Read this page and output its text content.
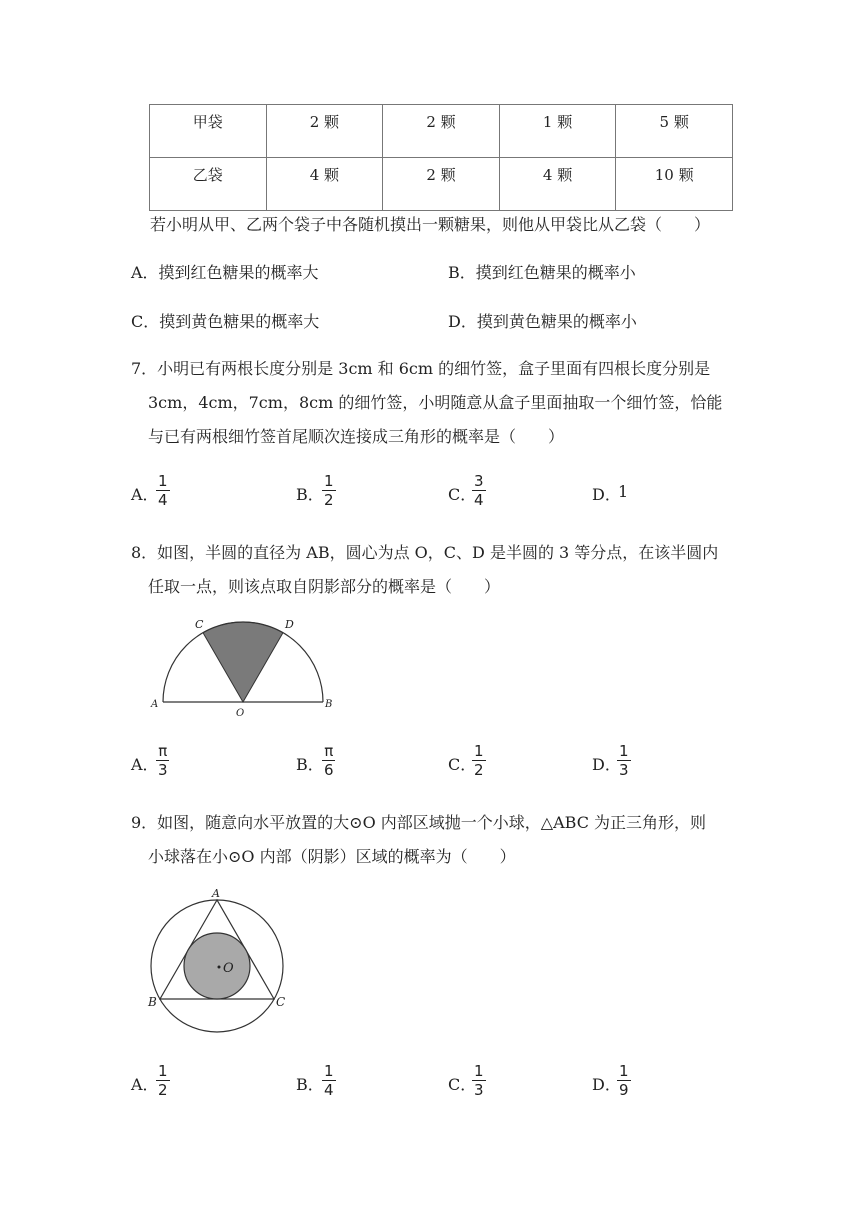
甲袋	2 颗	2 颗	1 颗	5 颗
乙袋	4 颗	2 颗	4 颗	10 颗
若小明从甲、乙两个袋子中各随机摸出一颗糖果，则他从甲袋比从乙袋（　　）
A．摸到红色糖果的概率大	B．摸到红色糖果的概率小
C．摸到黄色糖果的概率大	D．摸到黄色糖果的概率小
7．小明已有两根长度分别是 3cm 和 6cm 的细竹签，盒子里面有四根长度分别是
3cm，4cm，7cm，8cm 的细竹签，小明随意从盒子里面抽取一个细竹签，恰能
与已有两根细竹签首尾顺次连接成三角形的概率是（　　）
A．
$\frac{1}{4}$	B．
$\frac{1}{2}$	C．
$\frac{3}{4}$	D．
1
8．如图，半圆的直径为 AB，圆心为点 O，C、D 是半圆的 3 等分点，在该半圆内
任取一点，则该点取自阴影部分的概率是（　　）
C	D
A	B
O
A．
$\frac{\pi}{3}$	B．
$\frac{\pi}{6}$	C．
$\frac{1}{2}$	D．
$\frac{1}{3}$
9．如图，随意向水平放置的大⊙O 内部区域抛一个小球，△ABC 为正三角形，则
小球落在小⊙O 内部（阴影）区域的概率为（　　）
O
A
B	C
A．
$\frac{1}{2}$	B．
$\frac{1}{4}$	C．
$\frac{1}{3}$	D．
$\frac{1}{9}$
